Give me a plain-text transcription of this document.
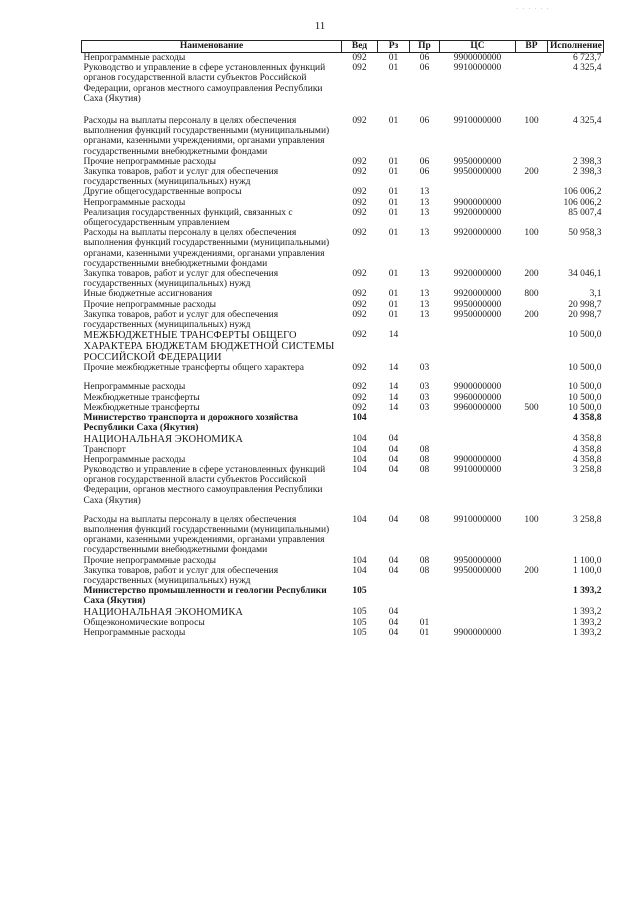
· · · · · ·
11
Наименование	Вед	Рз	Пр	ЦС	ВР	Исполнение
Непрограммные расходы	092	01	06	9900000000		6 723,7
Руководство и управление в сфере установленных функций органов государственной власти субъектов Российской Федерации, органов местного самоуправления Республики Саха (Якутия)	092	01	06	9910000000		4 325,4

Расходы на выплаты персоналу в целях обеспечения выполнения функций государственными (муниципальными) органами, казенными учреждениями, органами управления государственными внебюджетными фондами	092	01	06	9910000000	100	4 325,4
Прочие непрограммные расходы	092	01	06	9950000000		2 398,3
Закупка товаров, работ и услуг для обеспечения государственных (муниципальных) нужд	092	01	06	9950000000	200	2 398,3
Другие общегосударственные вопросы	092	01	13			106 006,2
Непрограммные расходы	092	01	13	9900000000		106 006,2
Реализация государственных функций, связанных с общегосударственным управлением	092	01	13	9920000000		85 007,4
Расходы на выплаты персоналу в целях обеспечения выполнения функций государственными (муниципальными) органами, казенными учреждениями, органами управления государственными внебюджетными фондами	092	01	13	9920000000	100	50 958,3
Закупка товаров, работ и услуг для обеспечения государственных (муниципальных) нужд	092	01	13	9920000000	200	34 046,1
Иные бюджетные ассигнования	092	01	13	9920000000	800	3,1
Прочие непрограммные расходы	092	01	13	9950000000		20 998,7
Закупка товаров, работ и услуг для обеспечения государственных (муниципальных) нужд	092	01	13	9950000000	200	20 998,7
МЕЖБЮДЖЕТНЫЕ ТРАНСФЕРТЫ ОБЩЕГО ХАРАКТЕРА БЮДЖЕТАМ БЮДЖЕТНОЙ СИСТЕМЫ РОССИЙСКОЙ ФЕДЕРАЦИИ	092	14				10 500,0
Прочие межбюджетные трансферты общего характера	092	14	03			10 500,0

Непрограммные расходы	092	14	03	9900000000		10 500,0
Межбюджетные трансферты	092	14	03	9960000000		10 500,0
Межбюджетные трансферты	092	14	03	9960000000	500	10 500,0
Министерство транспорта и дорожного хозяйства Республики Саха (Якутия)	104					4 358,8
НАЦИОНАЛЬНАЯ ЭКОНОМИКА	104	04				4 358,8
Транспорт	104	04	08			4 358,8
Непрограммные расходы	104	04	08	9900000000		4 358,8
Руководство и управление в сфере установленных функций органов государственной власти субъектов Российской Федерации, органов местного самоуправления Республики Саха (Якутия)	104	04	08	9910000000		3 258,8

Расходы на выплаты персоналу в целях обеспечения выполнения функций государственными (муниципальными) органами, казенными учреждениями, органами управления государственными внебюджетными фондами	104	04	08	9910000000	100	3 258,8
Прочие непрограммные расходы	104	04	08	9950000000		1 100,0
Закупка товаров, работ и услуг для обеспечения государственных (муниципальных) нужд	104	04	08	9950000000	200	1 100,0
Министерство промышленности и геологии Республики Саха (Якутия)	105					1 393,2
НАЦИОНАЛЬНАЯ ЭКОНОМИКА	105	04				1 393,2
Общеэкономические вопросы	105	04	01			1 393,2
Непрограммные расходы	105	04	01	9900000000		1 393,2
